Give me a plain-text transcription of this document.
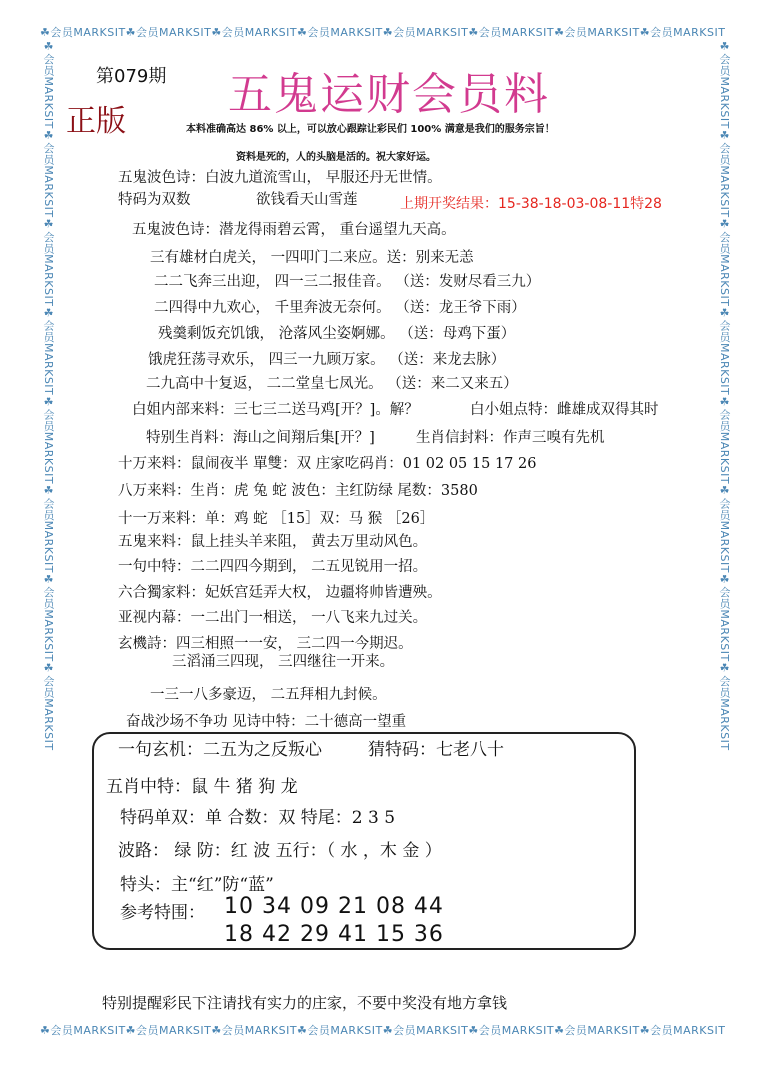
☘会员MARKSIT☘会员MARKSIT☘会员MARKSIT☘会员MARKSIT☘会员MARKSIT☘会员MARKSIT☘会员MARKSIT☘会员MARKSIT
☘会员MARKSIT☘会员MARKSIT☘会员MARKSIT☘会员MARKSIT☘会员MARKSIT☘会员MARKSIT☘会员MARKSIT☘会员MARKSIT
☘会员MARKSIT☘会员MARKSIT☘会员MARKSIT☘会员MARKSIT☘会员MARKSIT☘会员MARKSIT☘会员MARKSIT☘会员MARKSIT	☘会员MARKSIT☘会员MARKSIT☘会员MARKSIT☘会员MARKSIT☘会员MARKSIT☘会员MARKSIT☘会员MARKSIT☘会员MARKSIT
第079期
正版
五鬼运财会员料
本料准确高达 86% 以上，可以放心跟踪让彩民们 100% 满意是我们的服务宗旨！
资料是死的，人的头脑是活的。祝大家好运。
五鬼波色诗：白波九道流雪山， 早服还丹无世情。
特码为双数	欲钱看天山雪莲	上期开奖结果：15-38-18-03-08-11特28
五鬼波色诗：潜龙得雨碧云霄， 重台遥望九天高。
三有雄材白虎关， 一四叩门二来应。送：别来无恙
二二飞奔三出迎， 四一三二报佳音。 （送：发财尽看三九）
二四得中九欢心， 千里奔波无奈何。 （送：龙王爷下雨）
残羹剩饭充饥饿， 沧落风尘姿婀娜。 （送：母鸡下蛋）
饿虎狂荡寻欢乐， 四三一九顾万家。 （送：来龙去脉）
二九高中十复返， 二二堂皇七凤光。 （送：来二又来五）
白姐内部来料：三七三二送马鸡[开？]。解？	白小姐点特：雌雄成双得其时
特别生肖料：海山之间翔后集[开？]	生肖信封料：作声三嗅有先机
十万来料：鼠闹夜半 單雙：双 庄家吃码肖：01 02 05 15 17 26
八万来料：生肖：虎 兔 蛇 波色：主红防绿 尾数：3580
十一万来料：单：鸡 蛇 ［15］双：马 猴 ［26］
五鬼来料：鼠上挂头羊来阻， 黄去万里动风色。
一句中特：二二四四今期到， 二五见锐用一招。
六合獨家料：妃妖宫廷弄大权， 边疆将帅皆遭殃。
亚视内幕：一二出门一相送， 一八飞来九过关。
玄機詩：四三相照一一安， 三二四一今期迟。
三滔涌三四现， 三四继往一开来。
一三一八多豪迈， 二五拜相九封候。
奋战沙场不争功 见诗中特：二十德高一望重
一句玄机：二五为之反叛心	猜特码：七老八十
五肖中特：鼠 牛 猪 狗 龙
特码单双：单 合数：双 特尾：2 3 5
波路： 绿 防：红 波 五行：（ 水 ，木 金 ）
特头：主“红”防“蓝”
参考特围： 10 34 09 21 08 44
18 42 29 41 15 36
特别提醒彩民下注请找有实力的庄家，不要中奖没有地方拿钱
